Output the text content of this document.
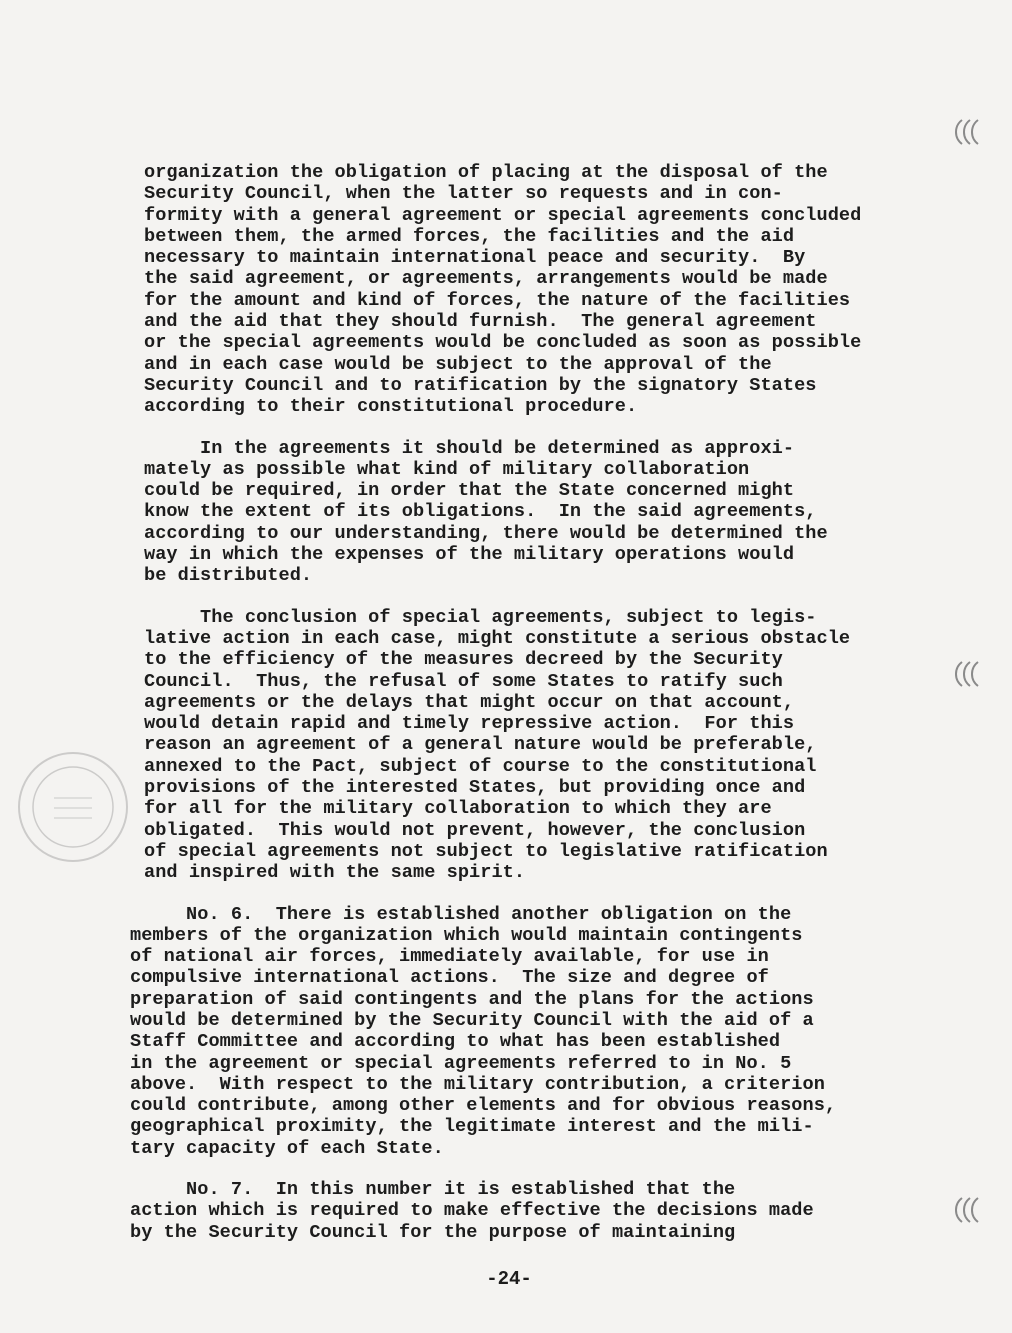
organization the obligation of placing at the disposal of the
Security Council, when the latter so requests and in con-
formity with a general agreement or special agreements concluded
between them, the armed forces, the facilities and the aid
necessary to maintain international peace and security.  By
the said agreement, or agreements, arrangements would be made
for the amount and kind of forces, the nature of the facilities
and the aid that they should furnish.  The general agreement
or the special agreements would be concluded as soon as possible
and in each case would be subject to the approval of the
Security Council and to ratification by the signatory States
according to their constitutional procedure.
In the agreements it should be determined as approxi-
mately as possible what kind of military collaboration
could be required, in order that the State concerned might
know the extent of its obligations.  In the said agreements,
according to our understanding, there would be determined the
way in which the expenses of the military operations would
be distributed.
The conclusion of special agreements, subject to legis-
lative action in each case, might constitute a serious obstacle
to the efficiency of the measures decreed by the Security
Council.  Thus, the refusal of some States to ratify such
agreements or the delays that might occur on that account,
would detain rapid and timely repressive action.  For this
reason an agreement of a general nature would be preferable,
annexed to the Pact, subject of course to the constitutional
provisions of the interested States, but providing once and
for all for the military collaboration to which they are
obligated.  This would not prevent, however, the conclusion
of special agreements not subject to legislative ratification
and inspired with the same spirit.
No. 6.  There is established another obligation on the
members of the organization which would maintain contingents
of national air forces, immediately available, for use in
compulsive international actions.  The size and degree of
preparation of said contingents and the plans for the actions
would be determined by the Security Council with the aid of a
Staff Committee and according to what has been established
in the agreement or special agreements referred to in No. 5
above.  With respect to the military contribution, a criterion
could contribute, among other elements and for obvious reasons,
geographical proximity, the legitimate interest and the mili-
tary capacity of each State.
No. 7.  In this number it is established that the
action which is required to make effective the decisions made
by the Security Council for the purpose of maintaining
-24-
